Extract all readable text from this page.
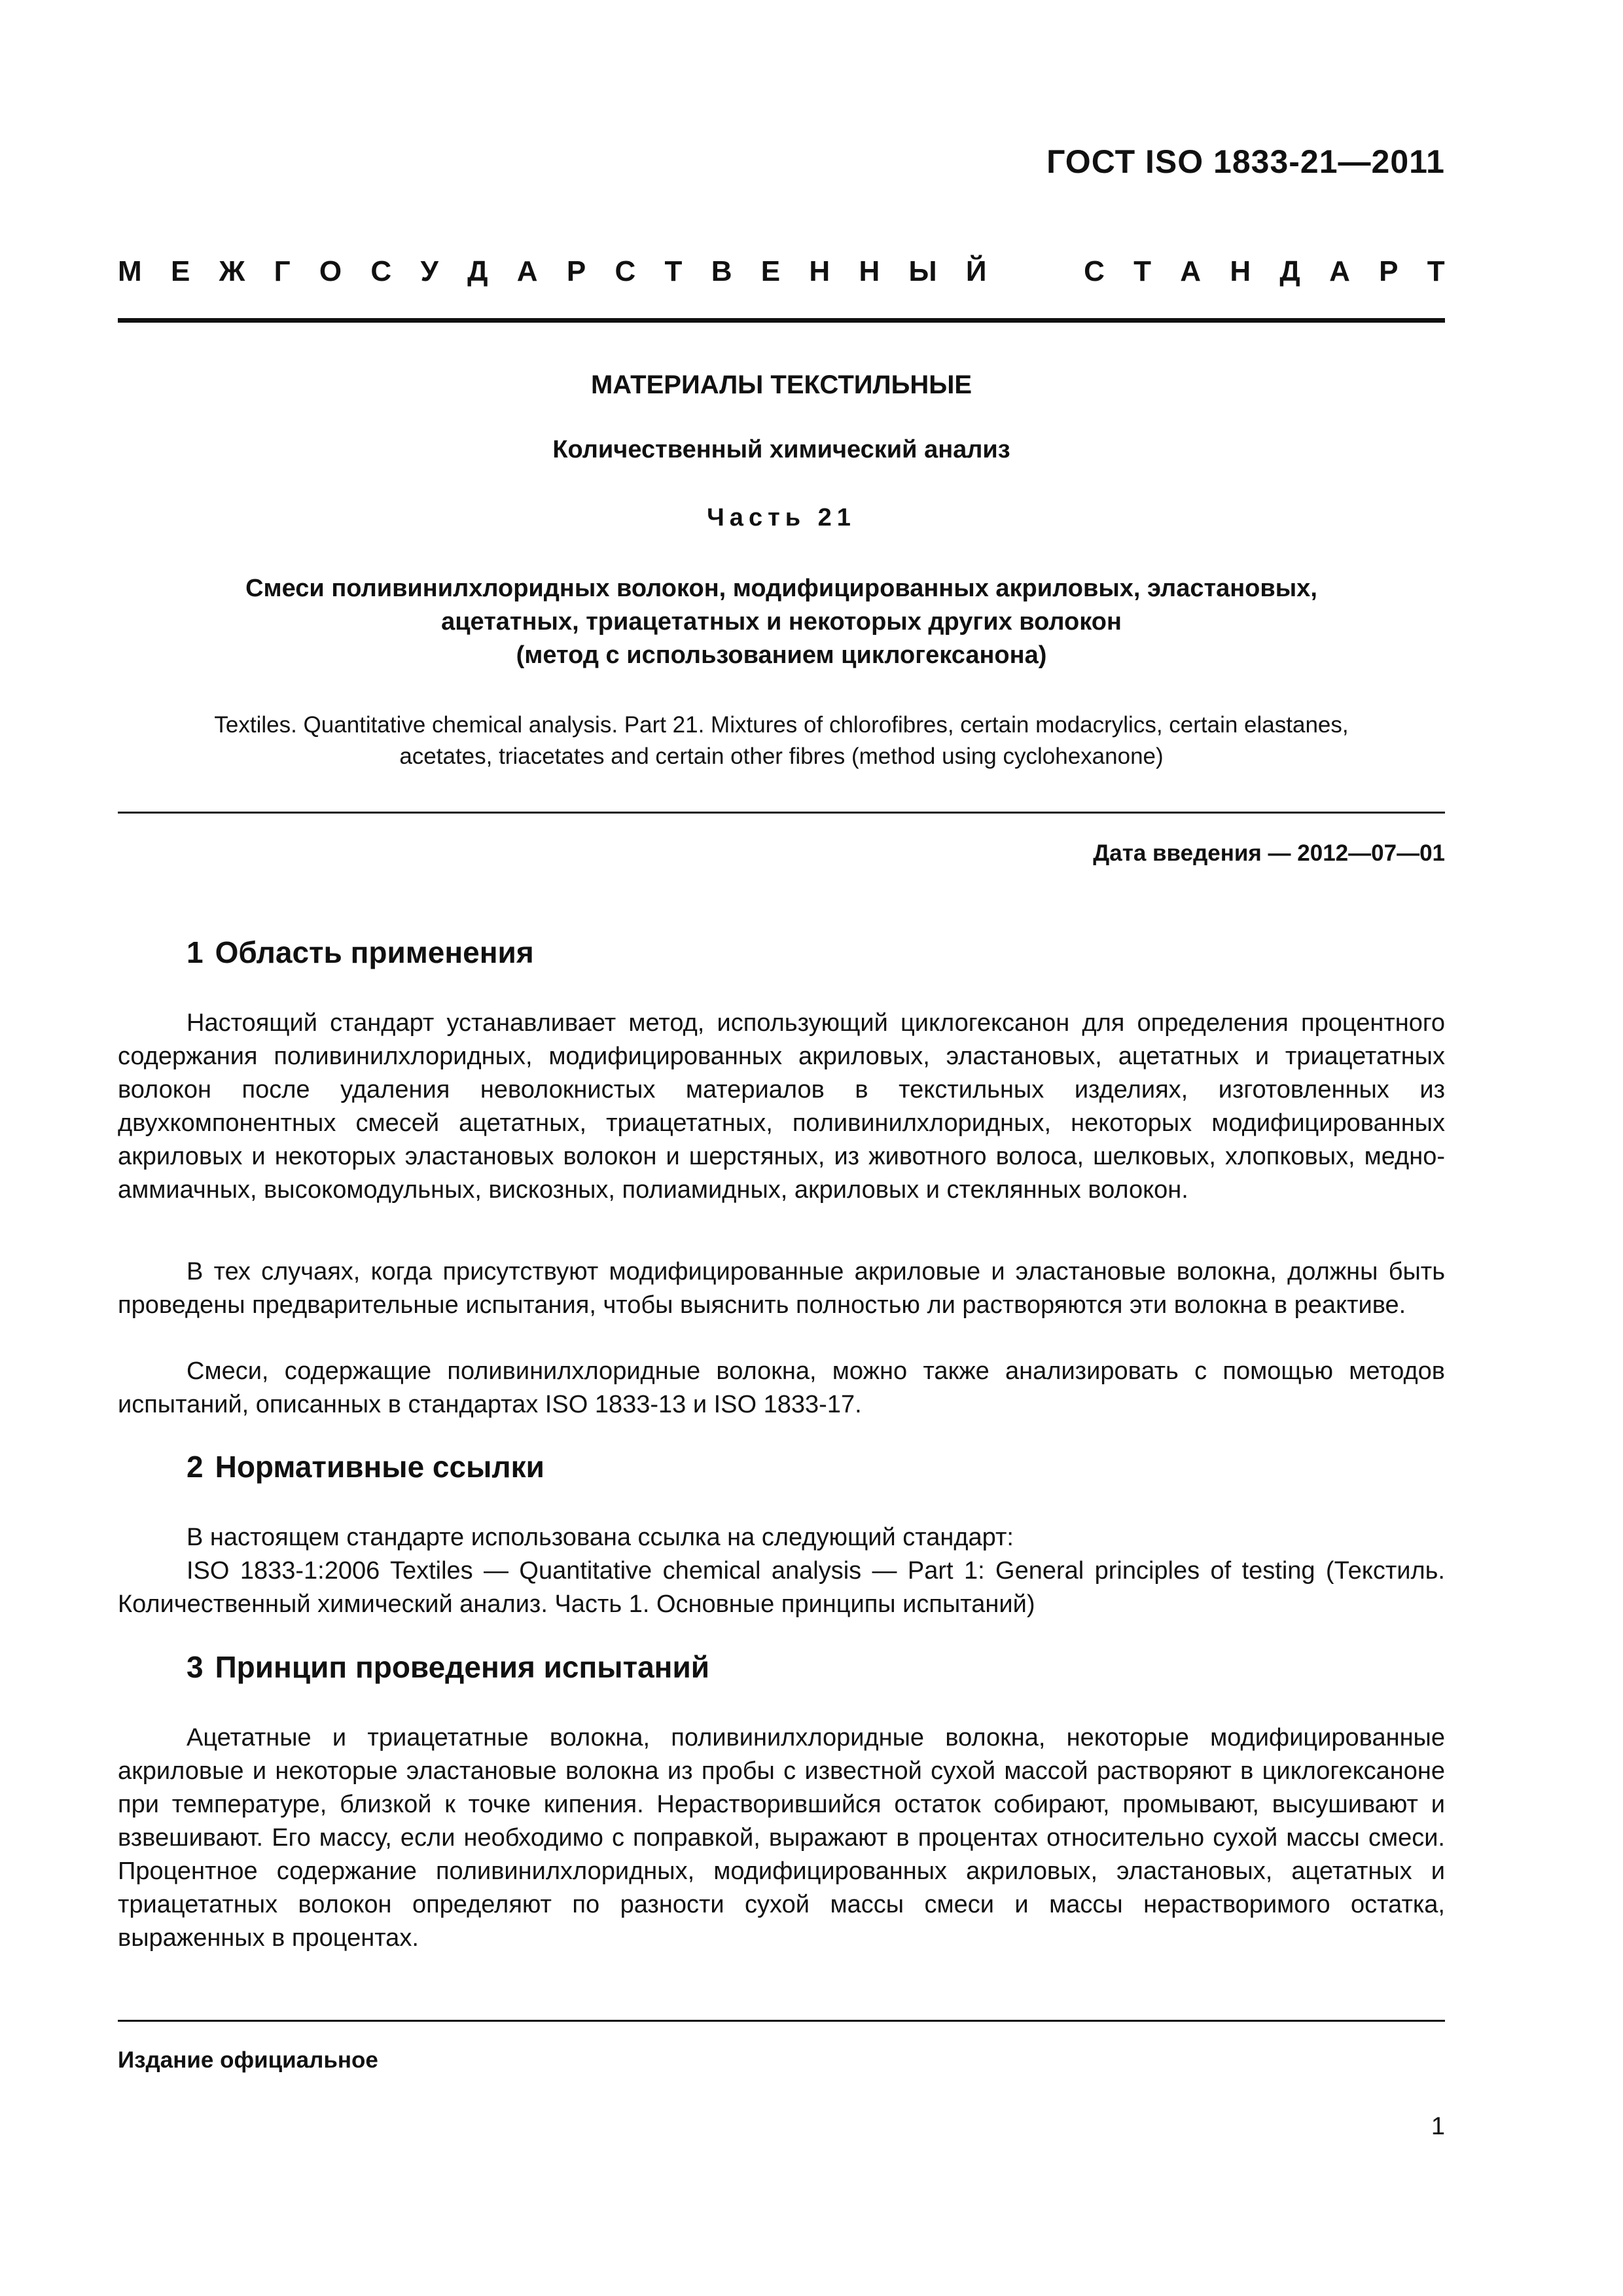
ГОСТ ISO 1833-21—2011
М Е Ж Г О С У Д А Р С Т В Е Н Н Ы Й	С Т А Н Д А Р Т
МАТЕРИАЛЫ ТЕКСТИЛЬНЫЕ
Количественный химический анализ
Часть 21
Смеси поливинилхлоридных волокон, модифицированных акриловых, эластановых,
ацетатных, триацетатных и некоторых других волокон
(метод с использованием циклогексанона)
Textiles. Quantitative chemical analysis. Part 21. Mixtures of chlorofibres, certain modacrylics, certain elastanes,
acetates, triacetates and certain other fibres (method using cyclohexanone)
Дата введения — 2012—07—01
1 Область применения

Настоящий стандарт устанавливает метод, использующий циклогексанон для определения процентного содержания поливинилхлоридных, модифицированных акриловых, эластановых, ацетатных и триацетатных волокон после удаления неволокнистых материалов в текстильных изделиях, изготовленных из двухкомпонентных смесей ацетатных, триацетатных, поливинилхлоридных, некоторых модифицированных акриловых и некоторых эластановых волокон и шерстяных, из животного волоса, шелковых, хлопковых, медно-аммиачных, высокомодульных, вискозных, полиамидных, акриловых и стеклянных волокон.

В тех случаях, когда присутствуют модифицированные акриловые и эластановые волокна, должны быть проведены предварительные испытания, чтобы выяснить полностью ли растворяются эти волокна в реактиве.

Смеси, содержащие поливинилхлоридные волокна, можно также анализировать с помощью методов испытаний, описанных в стандартах ISO 1833-13 и ISO 1833-17.

2 Нормативные ссылки

В настоящем стандарте использована ссылка на следующий стандарт:

ISO 1833-1:2006 Textiles — Quantitative chemical analysis — Part 1: General principles of testing (Текстиль. Количественный химический анализ. Часть 1. Основные принципы испытаний)

3 Принцип проведения испытаний

Ацетатные и триацетатные волокна, поливинилхлоридные волокна, некоторые модифицированные акриловые и некоторые эластановые волокна из пробы с известной сухой массой растворяют в циклогексаноне при температуре, близкой к точке кипения. Нерастворившийся остаток собирают, промывают, высушивают и взвешивают. Его массу, если необходимо с поправкой, выражают в процентах относительно сухой массы смеси. Процентное содержание поливинилхлоридных, модифицированных акриловых, эластановых, ацетатных и триацетатных волокон определяют по разности сухой массы смеси и массы нерастворимого остатка, выраженных в процентах.

Издание официальное
1
